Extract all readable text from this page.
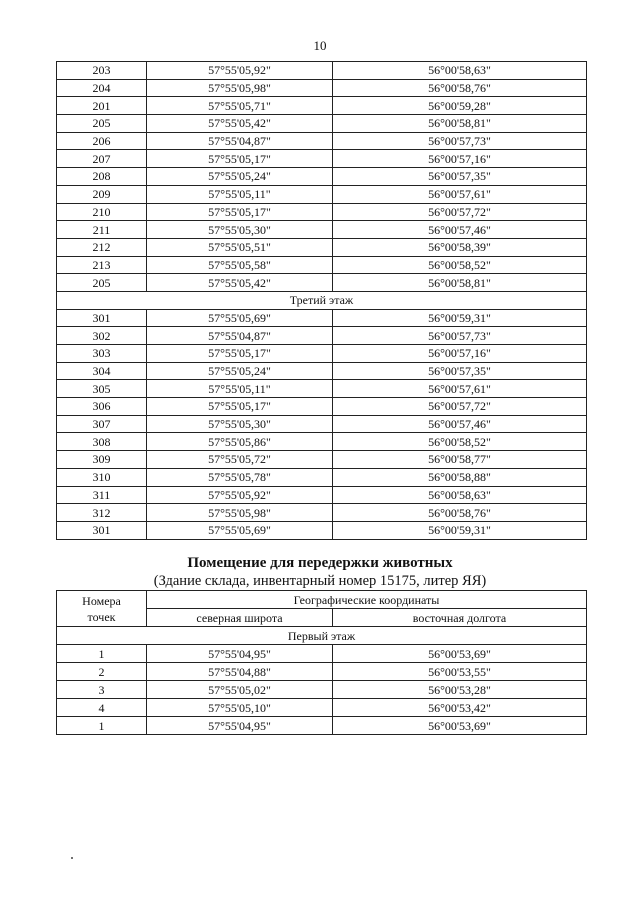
10
203	57°55'05,92"	56°00'58,63"
204	57°55'05,98"	56°00'58,76"
201	57°55'05,71"	56°00'59,28"
205	57°55'05,42"	56°00'58,81"
206	57°55'04,87"	56°00'57,73"
207	57°55'05,17"	56°00'57,16"
208	57°55'05,24"	56°00'57,35"
209	57°55'05,11"	56°00'57,61"
210	57°55'05,17"	56°00'57,72"
211	57°55'05,30"	56°00'57,46"
212	57°55'05,51"	56°00'58,39"
213	57°55'05,58"	56°00'58,52"
205	57°55'05,42"	56°00'58,81"
Третий этаж		
301	57°55'05,69"	56°00'59,31"
302	57°55'04,87"	56°00'57,73"
303	57°55'05,17"	56°00'57,16"
304	57°55'05,24"	56°00'57,35"
305	57°55'05,11"	56°00'57,61"
306	57°55'05,17"	56°00'57,72"
307	57°55'05,30"	56°00'57,46"
308	57°55'05,86"	56°00'58,52"
309	57°55'05,72"	56°00'58,77"
310	57°55'05,78"	56°00'58,88"
311	57°55'05,92"	56°00'58,63"
312	57°55'05,98"	56°00'58,76"
301	57°55'05,69"	56°00'59,31"
Помещение для передержки животных
(Здание склада, инвентарный номер 15175, литер ЯЯ)
Номера
точек	Географические координаты	
	северная широта	восточная долгота
Первый этаж		
1	57°55'04,95"	56°00'53,69"
2	57°55'04,88"	56°00'53,55"
3	57°55'05,02"	56°00'53,28"
4	57°55'05,10"	56°00'53,42"
1	57°55'04,95"	56°00'53,69"
